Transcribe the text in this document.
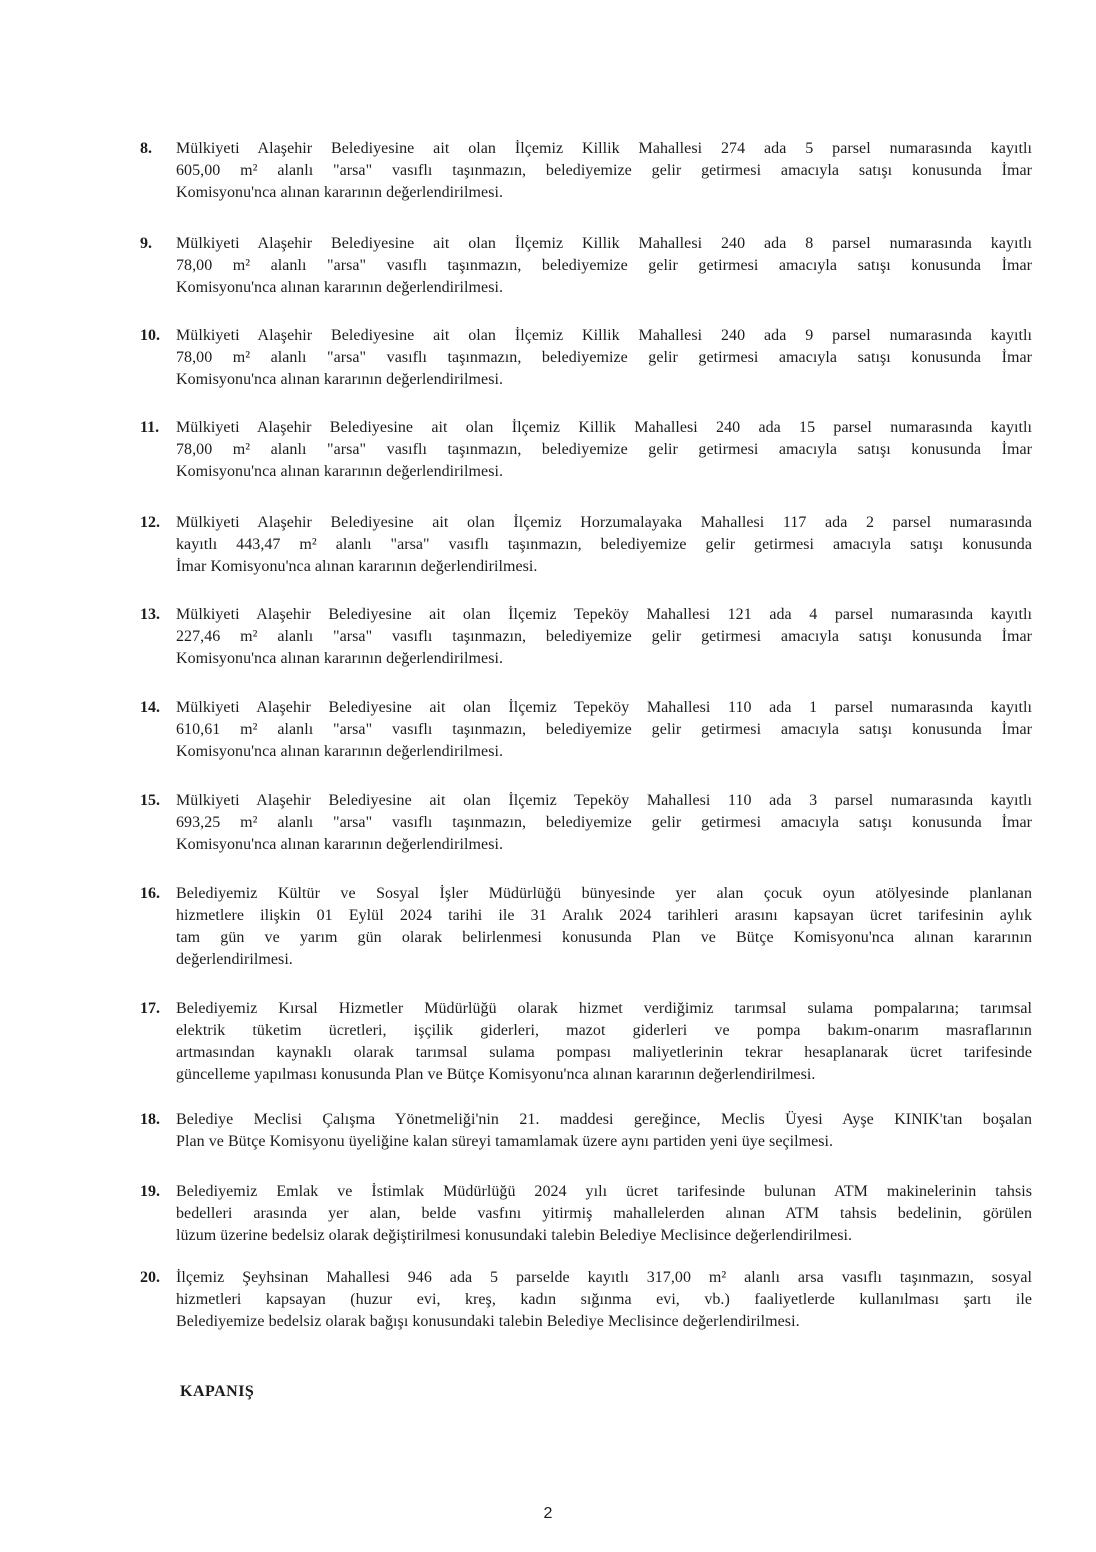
8. Mülkiyeti Alaşehir Belediyesine ait olan İlçemiz Killik Mahallesi 274 ada 5 parsel numarasında kayıtlı
605,00 m² alanlı "arsa" vasıflı taşınmazın, belediyemize gelir getirmesi amacıyla satışı konusunda İmar
Komisyonu'nca alınan kararının değerlendirilmesi.
9. Mülkiyeti Alaşehir Belediyesine ait olan İlçemiz Killik Mahallesi 240 ada 8 parsel numarasında kayıtlı
78,00 m² alanlı "arsa" vasıflı taşınmazın, belediyemize gelir getirmesi amacıyla satışı konusunda İmar
Komisyonu'nca alınan kararının değerlendirilmesi.
10. Mülkiyeti Alaşehir Belediyesine ait olan İlçemiz Killik Mahallesi 240 ada 9 parsel numarasında kayıtlı
78,00 m² alanlı "arsa" vasıflı taşınmazın, belediyemize gelir getirmesi amacıyla satışı konusunda İmar
Komisyonu'nca alınan kararının değerlendirilmesi.
11. Mülkiyeti Alaşehir Belediyesine ait olan İlçemiz Killik Mahallesi 240 ada 15 parsel numarasında kayıtlı
78,00 m² alanlı "arsa" vasıflı taşınmazın, belediyemize gelir getirmesi amacıyla satışı konusunda İmar
Komisyonu'nca alınan kararının değerlendirilmesi.
12. Mülkiyeti Alaşehir Belediyesine ait olan İlçemiz Horzumalayaka Mahallesi 117 ada 2 parsel numarasında
kayıtlı 443,47 m² alanlı "arsa" vasıflı taşınmazın, belediyemize gelir getirmesi amacıyla satışı konusunda
İmar Komisyonu'nca alınan kararının değerlendirilmesi.
13. Mülkiyeti Alaşehir Belediyesine ait olan İlçemiz Tepeköy Mahallesi 121 ada 4 parsel numarasında kayıtlı
227,46 m² alanlı "arsa" vasıflı taşınmazın, belediyemize gelir getirmesi amacıyla satışı konusunda İmar
Komisyonu'nca alınan kararının değerlendirilmesi.
14. Mülkiyeti Alaşehir Belediyesine ait olan İlçemiz Tepeköy Mahallesi 110 ada 1 parsel numarasında kayıtlı
610,61 m² alanlı "arsa" vasıflı taşınmazın, belediyemize gelir getirmesi amacıyla satışı konusunda İmar
Komisyonu'nca alınan kararının değerlendirilmesi.
15. Mülkiyeti Alaşehir Belediyesine ait olan İlçemiz Tepeköy Mahallesi 110 ada 3 parsel numarasında kayıtlı
693,25 m² alanlı "arsa" vasıflı taşınmazın, belediyemize gelir getirmesi amacıyla satışı konusunda İmar
Komisyonu'nca alınan kararının değerlendirilmesi.
16. Belediyemiz Kültür ve Sosyal İşler Müdürlüğü bünyesinde yer alan çocuk oyun atölyesinde planlanan
hizmetlere ilişkin 01 Eylül 2024 tarihi ile 31 Aralık 2024 tarihleri arasını kapsayan ücret tarifesinin aylık
tam gün ve yarım gün olarak belirlenmesi konusunda Plan ve Bütçe Komisyonu'nca alınan kararının
değerlendirilmesi.
17. Belediyemiz Kırsal Hizmetler Müdürlüğü olarak hizmet verdiğimiz tarımsal sulama pompalarına; tarımsal
elektrik tüketim ücretleri, işçilik giderleri, mazot giderleri ve pompa bakım-onarım masraflarının
artmasından kaynaklı olarak tarımsal sulama pompası maliyetlerinin tekrar hesaplanarak ücret tarifesinde
güncelleme yapılması konusunda Plan ve Bütçe Komisyonu'nca alınan kararının değerlendirilmesi.
18. Belediye Meclisi Çalışma Yönetmeliği'nin 21. maddesi gereğince, Meclis Üyesi Ayşe KINIK'tan boşalan
Plan ve Bütçe Komisyonu üyeliğine kalan süreyi tamamlamak üzere aynı partiden yeni üye seçilmesi.
19. Belediyemiz Emlak ve İstimlak Müdürlüğü 2024 yılı ücret tarifesinde bulunan ATM makinelerinin tahsis
bedelleri arasında yer alan, belde vasfını yitirmiş mahallelerden alınan ATM tahsis bedelinin, görülen
lüzum üzerine bedelsiz olarak değiştirilmesi konusundaki talebin Belediye Meclisince değerlendirilmesi.
20. İlçemiz Şeyhsinan Mahallesi 946 ada 5 parselde kayıtlı 317,00 m² alanlı arsa vasıflı taşınmazın, sosyal
hizmetleri kapsayan (huzur evi, kreş, kadın sığınma evi, vb.) faaliyetlerde kullanılması şartı ile
Belediyemize bedelsiz olarak bağışı konusundaki talebin Belediye Meclisince değerlendirilmesi.
KAPANIŞ
2
